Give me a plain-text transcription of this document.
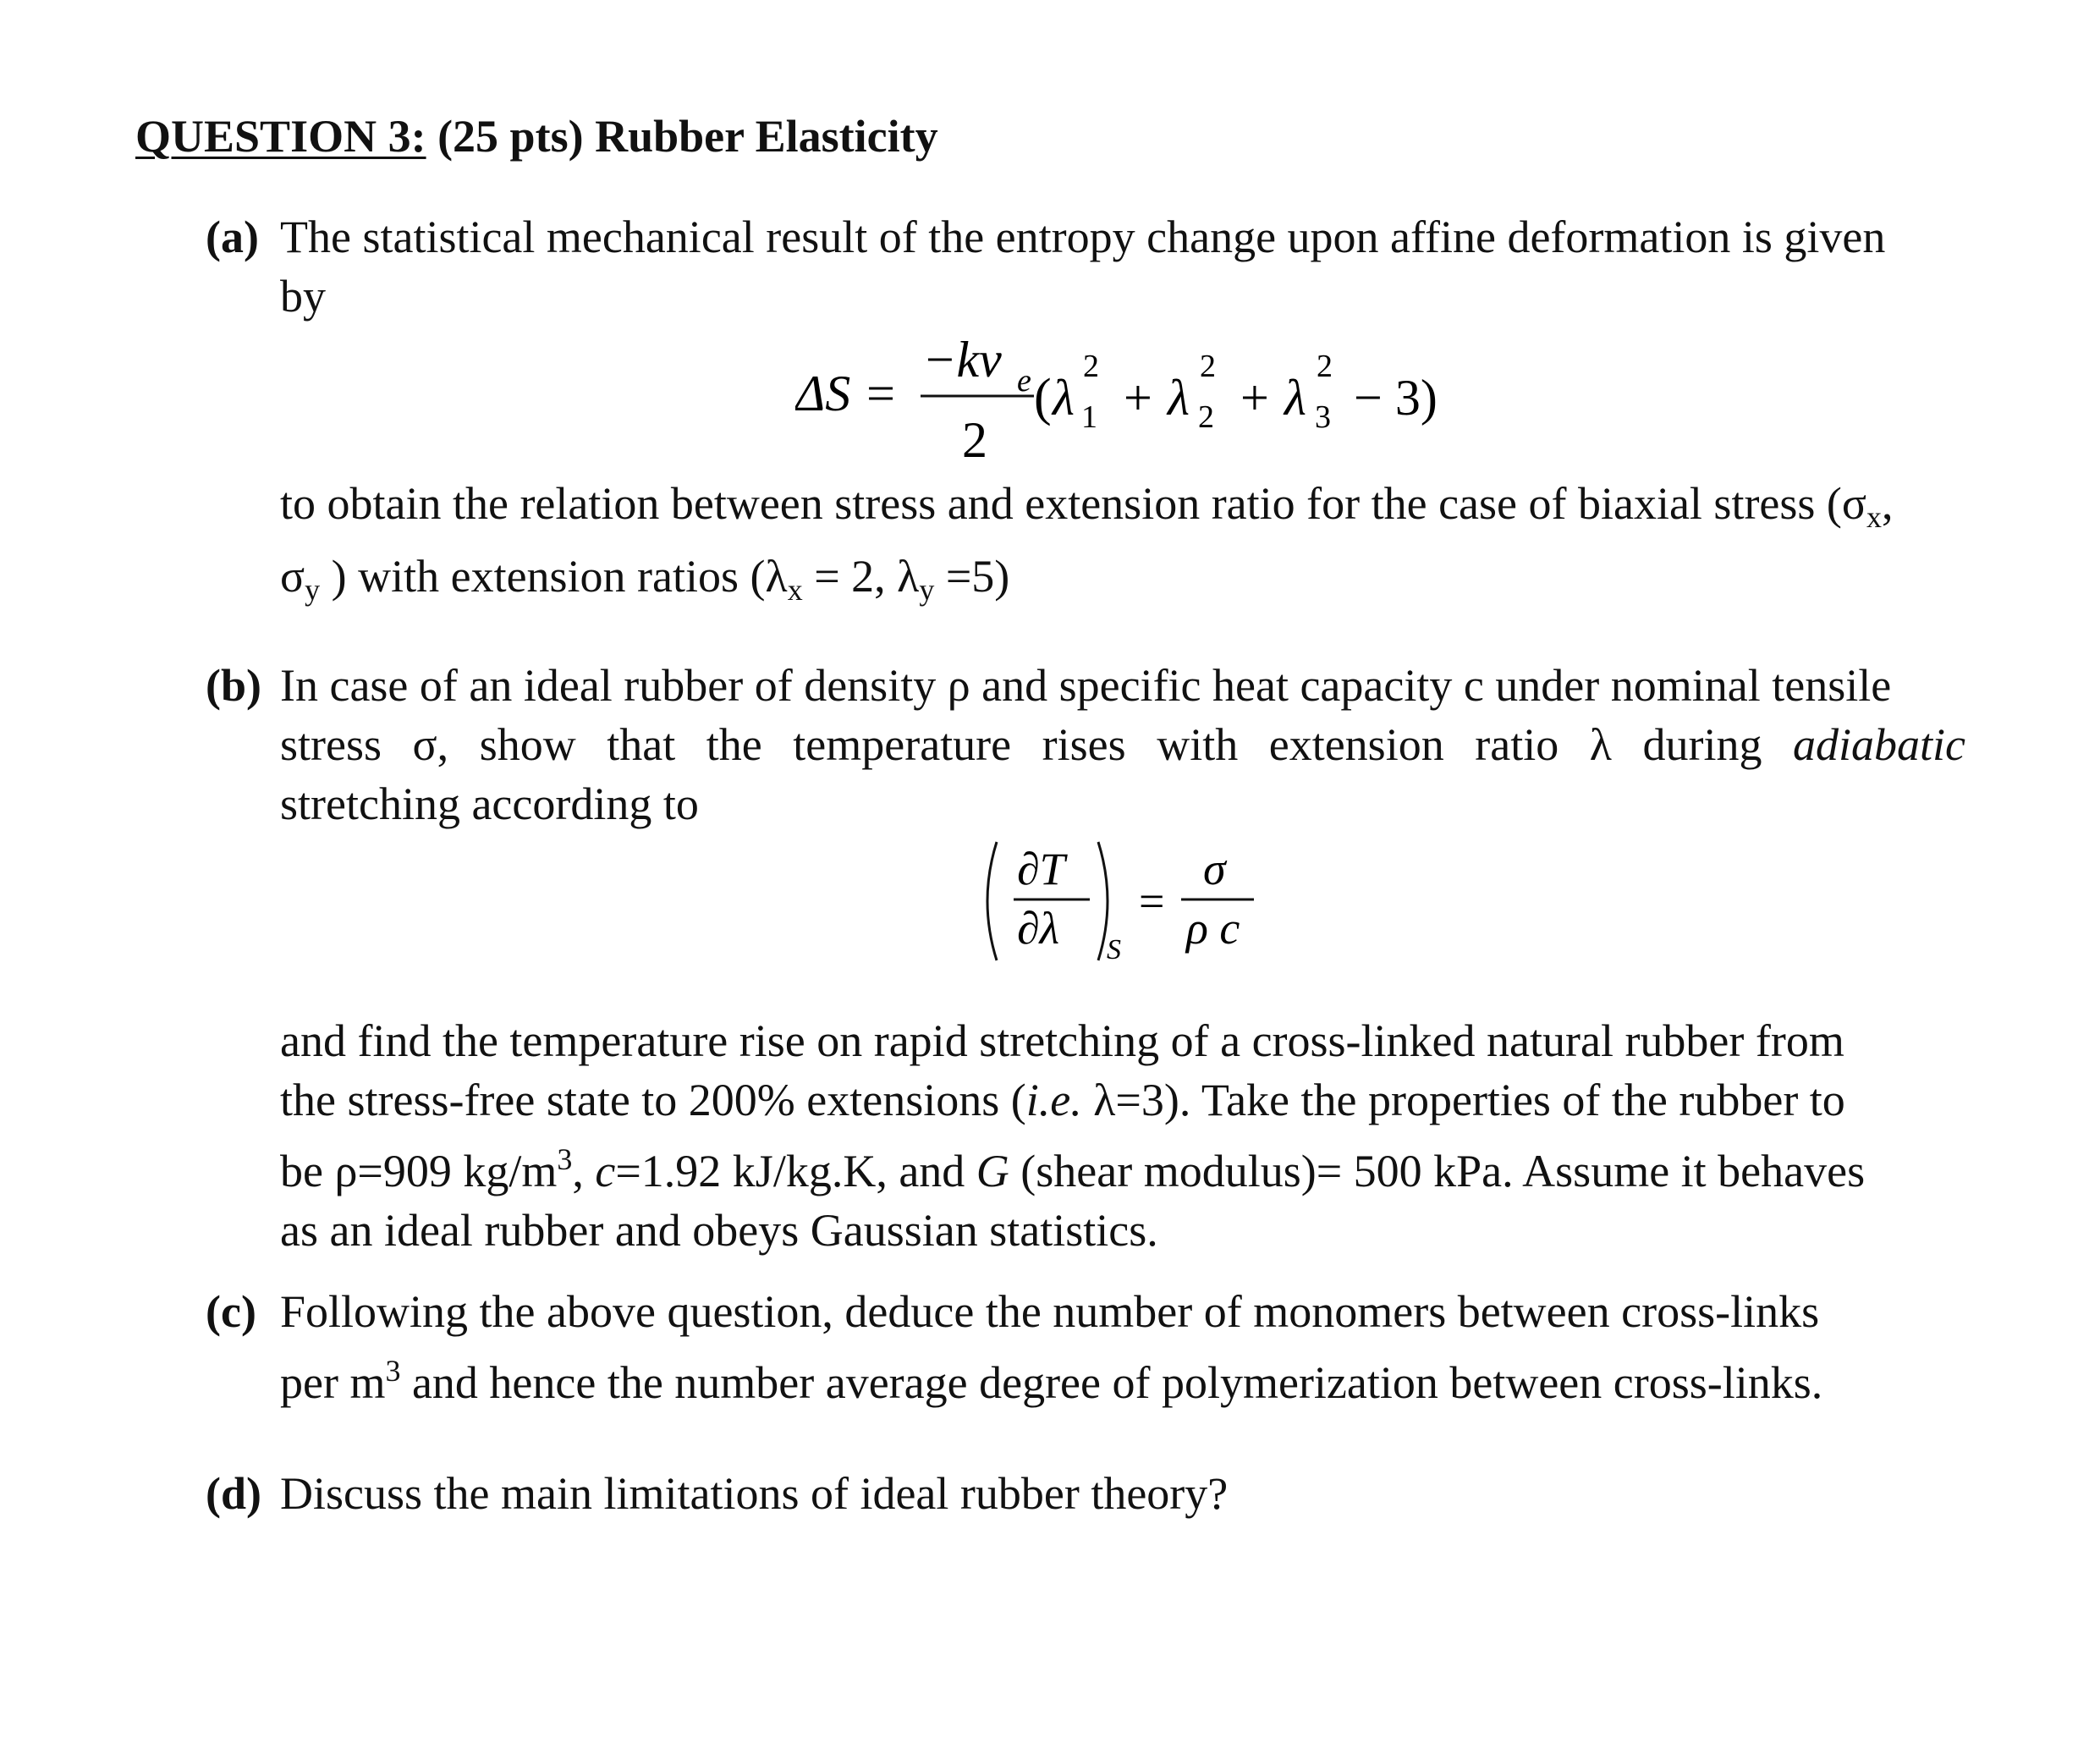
QUESTION 3: (25 pts) Rubber Elasticity
(a) The statistical mechanical result of the entropy change upon affine deformation is given
by
ΔS =
−kv e
2
( λ
2
1 + λ
2
2 + λ
2
3 − 3)
to obtain the relation between stress and extension ratio for the case of biaxial stress ($\sigma_x$,
$\sigma_y$ ) with extension ratios ($\lambda_x = 2$, $\lambda_y =5$)
(b) In case of an ideal rubber of density ρ and specific heat capacity c under nominal tensile
stress σ, show that the temperature rises with extension ratio λ during adiabatic
stretching according to
∂T
∂λ S
=
σ
ρ c
and find the temperature rise on rapid stretching of a cross-linked natural rubber from
the stress-free state to 200% extensions (i.e. λ=3). Take the properties of the rubber to
be ρ=909 $kg/m^3$, c=1.92 kJ/kg.K, and G (shear modulus)= 500 kPa. Assume it behaves
as an ideal rubber and obeys Gaussian statistics.
(c) Following the above question, deduce the number of monomers between cross-links
per $m^3$ and hence the number average degree of polymerization between cross-links.
(d) Discuss the main limitations of ideal rubber theory?
